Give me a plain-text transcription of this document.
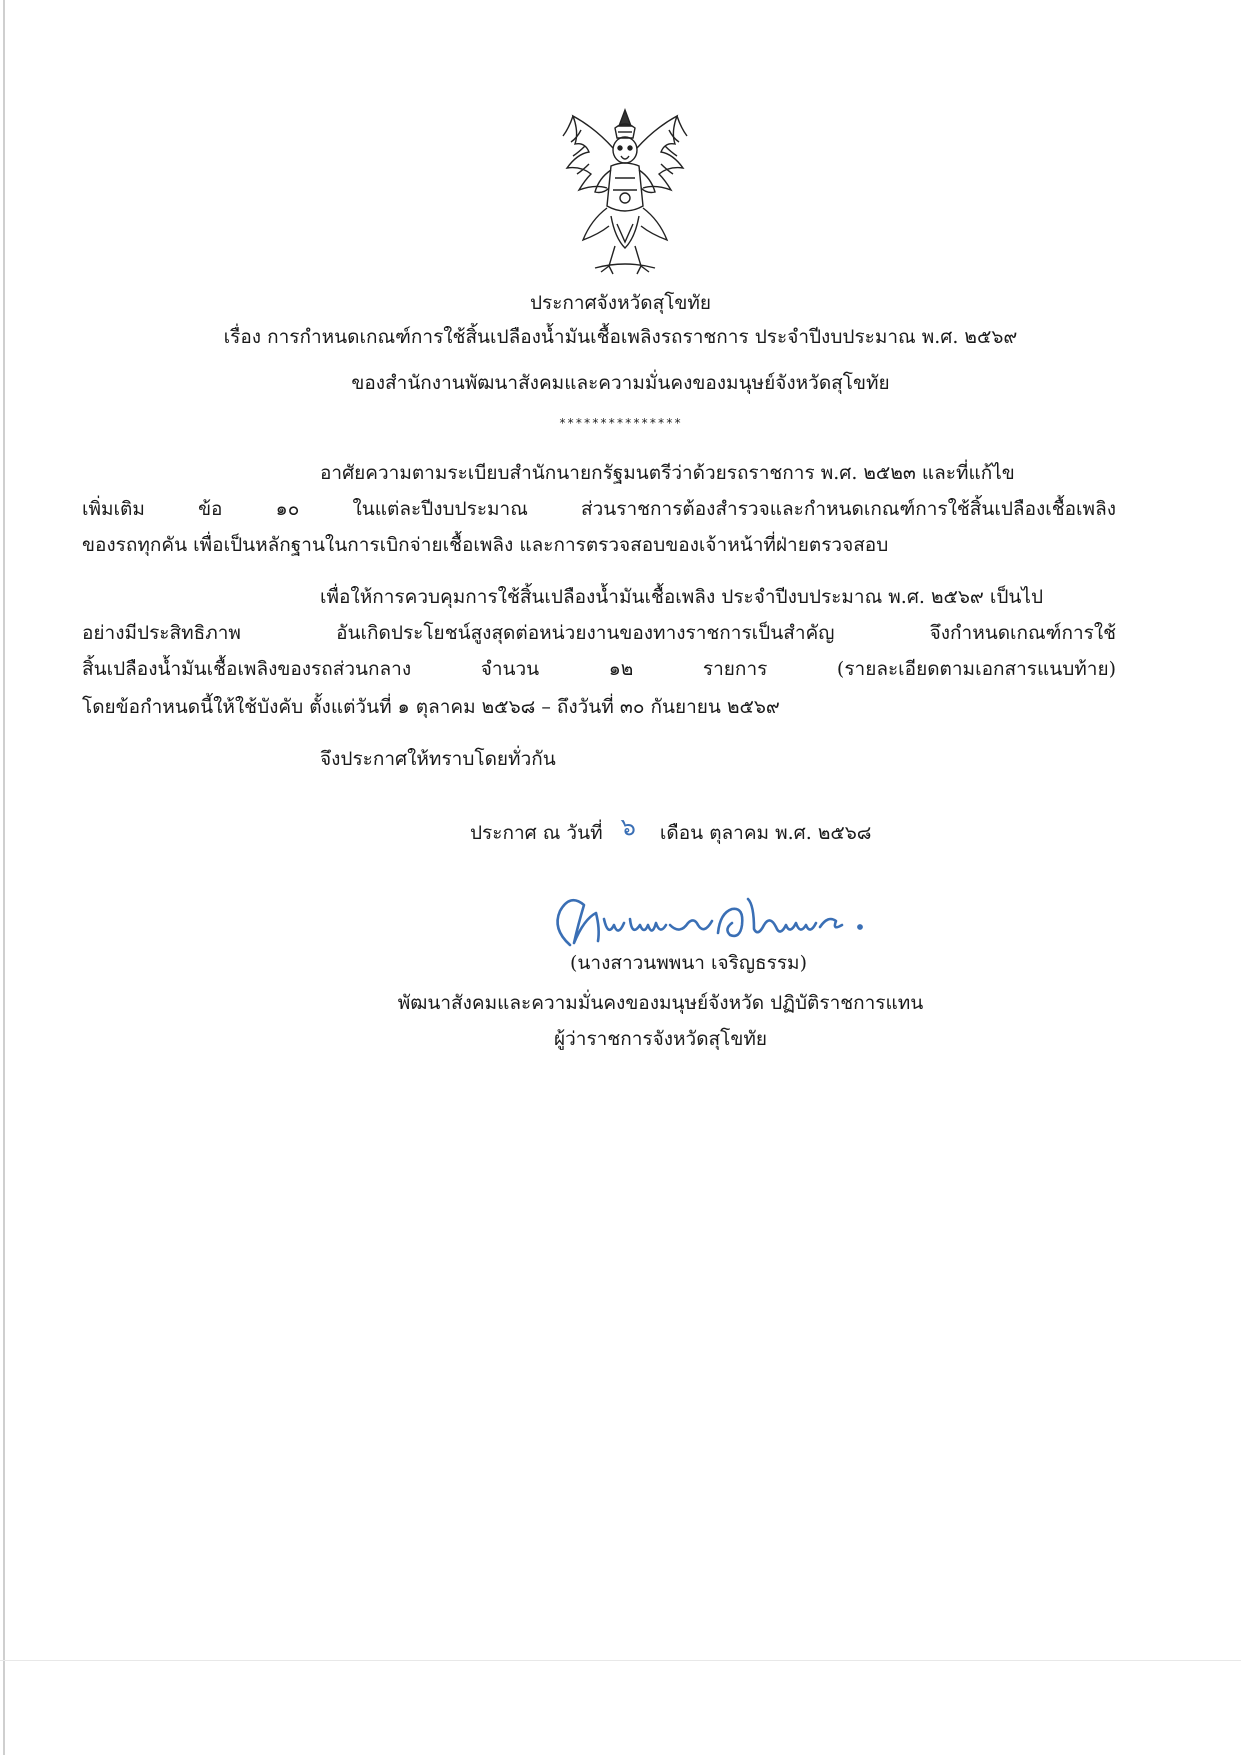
ประกาศจังหวัดสุโขทัย
เรื่อง การกำหนดเกณฑ์การใช้สิ้นเปลืองน้ำมันเชื้อเพลิงรถราชการ ประจำปีงบประมาณ พ.ศ. ๒๕๖๙
ของสำนักงานพัฒนาสังคมและความมั่นคงของมนุษย์จังหวัดสุโขทัย
***************
อาศัยความตามระเบียบสำนักนายกรัฐมนตรีว่าด้วยรถราชการ พ.ศ. ๒๕๒๓ และที่แก้ไข
เพิ่มเติม ข้อ ๑๐ ในแต่ละปีงบประมาณ ส่วนราชการต้องสำรวจและกำหนดเกณฑ์การใช้สิ้นเปลืองเชื้อเพลิง
ของรถทุกคัน เพื่อเป็นหลักฐานในการเบิกจ่ายเชื้อเพลิง และการตรวจสอบของเจ้าหน้าที่ฝ่ายตรวจสอบ
เพื่อให้การควบคุมการใช้สิ้นเปลืองน้ำมันเชื้อเพลิง ประจำปีงบประมาณ พ.ศ. ๒๕๖๙ เป็นไป
อย่างมีประสิทธิภาพ อันเกิดประโยชน์สูงสุดต่อหน่วยงานของทางราชการเป็นสำคัญ จึงกำหนดเกณฑ์การใช้
สิ้นเปลืองน้ำมันเชื้อเพลิงของรถส่วนกลาง จำนวน ๑๒ รายการ (รายละเอียดตามเอกสารแนบท้าย)
โดยข้อกำหนดนี้ให้ใช้บังคับ ตั้งแต่วันที่ ๑ ตุลาคม ๒๕๖๘ – ถึงวันที่ ๓๐ กันยายน ๒๕๖๙
จึงประกาศให้ทราบโดยทั่วกัน
ประกาศ ณ วันที่ ๖ เดือน ตุลาคม พ.ศ. ๒๕๖๘
(นางสาวนพพนา เจริญธรรม)
พัฒนาสังคมและความมั่นคงของมนุษย์จังหวัด ปฏิบัติราชการแทน
ผู้ว่าราชการจังหวัดสุโขทัย
